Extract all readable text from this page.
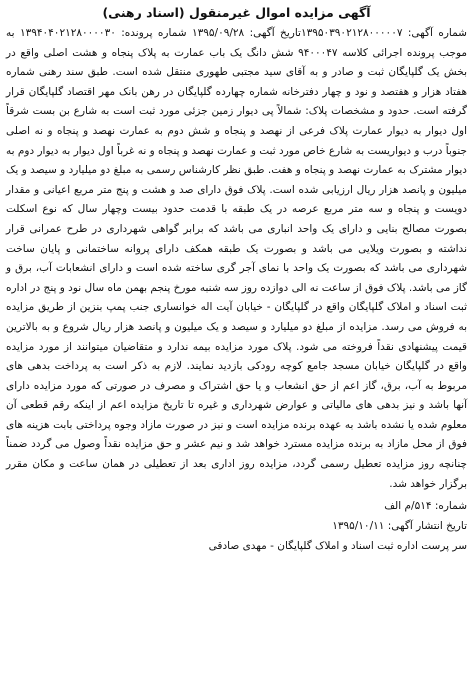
آگهی مزایده اموال غیرمنقول (اسناد رهنی)
شماره آگهی: ۱۳۹۵۰۳۹۰۲۱۲۸۰۰۰۰۰۷تاریخ آگهی: ۱۳۹۵/۰۹/۲۸ شماره پرونده: ۱۳۹۴۰۴۰۲۱۲۸۰۰۰۰۳۰ به موجب پرونده اجرائی کلاسه ۹۴۰۰۰۴۷ شش دانگ یک باب عمارت به پلاک پنجاه و هشت اصلی واقع در بخش یک گلپایگان ثبت و صادر و به آقای سید مجتبی طهوری منتقل شده است. طبق سند رهنی شماره هفتاد هزار و هفتصد و نود و چهار دفترخانه شماره چهارده گلپایگان در رهن بانک مهر اقتصاد گلپایگان قرار گرفته است. حدود و مشخصات پلاک: شمالاً پی دیوار زمین جزئی مورد ثبت است به شارع بن بست شرقاً اول دیوار به دیوار عمارت پلاک فرعی از نهصد و پنجاه و شش دوم به عمارت نهصد و پنجاه و نه اصلی جنوباً درب و دیواریست به شارع خاص مورد ثبت و عمارت نهصد و پنجاه و نه غرباً اول دیوار به دیوار دوم به دیوار مشترک به عمارت نهصد و پنجاه و هفت. طبق نظر کارشناس رسمی به مبلغ دو میلیارد و سیصد و یک میلیون و پانصد هزار ریال ارزیابی شده است. پلاک فوق دارای صد و هشت و پنج متر مربع اعیانی و مقدار دویست و پنجاه و سه متر مربع عرصه در یک طبقه با قدمت حدود بیست وچهار سال که نوع اسکلت بصورت مصالح بنایی و دارای یک واحد انباری می باشد که برابر گواهی شهرداری در طرح عمرانی قرار نداشته و بصورت ویلایی می باشد و بصورت یک طبقه همکف دارای پروانه ساختمانی و پایان ساخت شهرداری می باشد که بصورت یک واحد با نمای آجر گری ساخته شده است و دارای انشعابات آب، برق و گاز می باشد. پلاک فوق از ساعت نه الی دوازده روز سه شنبه مورخ پنجم بهمن ماه سال نود و پنج در اداره ثبت اسناد و املاک گلپایگان واقع در گلپایگان - خیابان آیت اله خوانساری جنب پمپ بنزین از طریق مزایده به فروش می رسد. مزایده از مبلغ دو میلیارد و سیصد و یک میلیون و پانصد هزار ریال شروع و به بالاترین قیمت پیشنهادی نقداً فروخته می شود. پلاک مورد مزایده بیمه ندارد و متقاضیان میتوانند از مورد مزایده واقع در گلپایگان خیابان مسجد جامع کوچه رودکی بازدید نمایند. لازم به ذکر است به پرداخت بدهی های مربوط به آب، برق، گاز اعم از حق انشعاب و یا حق اشتراک و مصرف در صورتی که مورد مزایده دارای آنها باشد و نیز بدهی های مالیاتی و عوارض شهرداری و غیره تا تاریخ مزایده اعم از اینکه رقم قطعی آن معلوم شده یا نشده باشد به عهده برنده مزایده است و نیز در صورت مازاد وجوه پرداختی بابت هزینه های فوق از محل مازاد به برنده مزایده مسترد خواهد شد و نیم عشر و حق مزایده نقداً وصول می گردد ضمناً چنانچه روز مزایده تعطیل رسمی گردد، مزایده روز اداری بعد از تعطیلی در همان ساعت و مکان مقرر برگزار خواهد شد.
شماره: ۵۱۴/م الف
تاریخ انتشار آگهی: ۱۳۹۵/۱۰/۱۱
سر پرست اداره ثبت اسناد و املاک گلپایگان - مهدی صادقی
